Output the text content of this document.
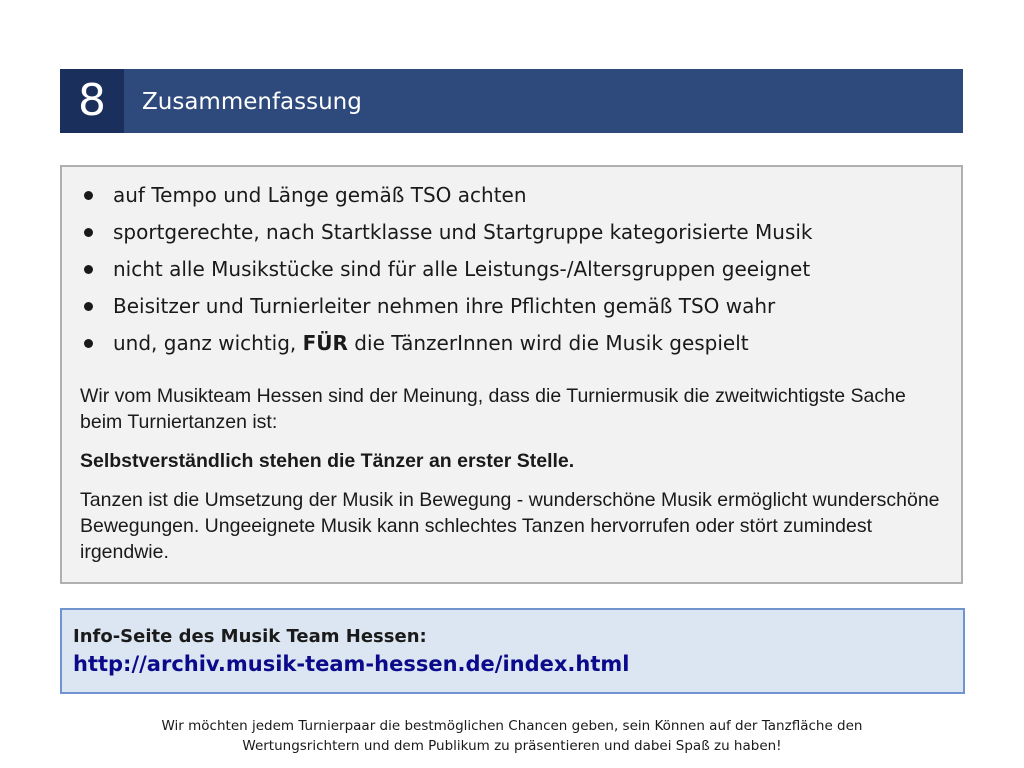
8	Zusammenfassung
auf Tempo und Länge gemäß TSO achten
sportgerechte, nach Startklasse und Startgruppe kategorisierte Musik
nicht alle Musikstücke sind für alle Leistungs-/Altersgruppen geeignet
Beisitzer und Turnierleiter nehmen ihre Pflichten gemäß TSO wahr
und, ganz wichtig, FÜR die TänzerInnen wird die Musik gespielt
Wir vom Musikteam Hessen sind der Meinung, dass die Turniermusik die zweitwichtigste Sache beim Turniertanzen ist:
Selbstverständlich stehen die Tänzer an erster Stelle.
Tanzen ist die Umsetzung der Musik in Bewegung - wunderschöne Musik ermöglicht wunderschöne Bewegungen. Ungeeignete Musik kann schlechtes Tanzen hervorrufen oder stört zumindest irgendwie.
Info-Seite des Musik Team Hessen:
http://archiv.musik-team-hessen.de/index.html
Wir möchten jedem Turnierpaar die bestmöglichen Chancen geben, sein Können auf der Tanzfläche den
Wertungsrichtern und dem Publikum zu präsentieren und dabei Spaß zu haben!
